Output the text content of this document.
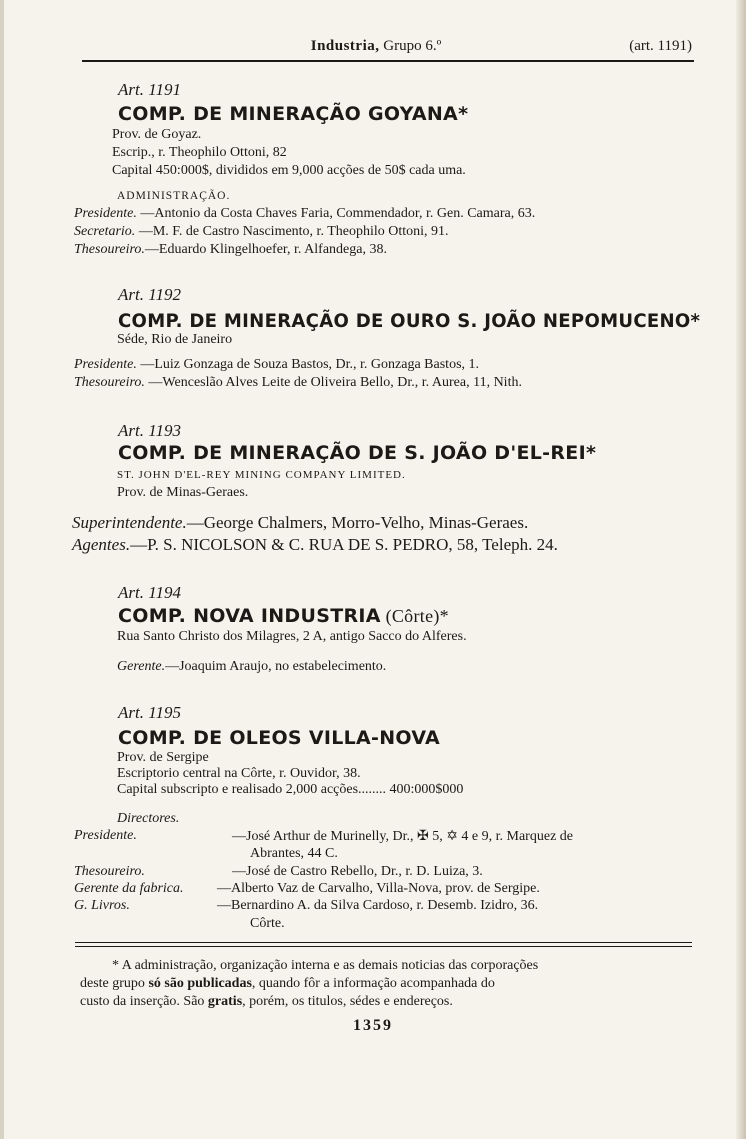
Industria, Grupo 6.º	(art. 1191)
Art. 1191
COMP. DE MINERAÇÃO GOYANA*
Prov. de Goyaz.
Escrip., r. Theophilo Ottoni, 82
Capital 450:000$, divididos em 9,000 acções de 50$ cada uma.
ADMINISTRAÇÃO.
Presidente. —Antonio da Costa Chaves Faria, Commendador, r. Gen. Camara, 63.
Secretario. —M. F. de Castro Nascimento, r. Theophilo Ottoni, 91.
Thesoureiro.—Eduardo Klingelhoefer, r. Alfandega, 38.
Art. 1192
COMP. DE MINERAÇÃO DE OURO S. JOÃO NEPOMUCENO*
Séde, Rio de Janeiro
Presidente. —Luiz Gonzaga de Souza Bastos, Dr., r. Gonzaga Bastos, 1.
Thesoureiro. —Wenceslão Alves Leite de Oliveira Bello, Dr., r. Aurea, 11, Nith.
Art. 1193
COMP. DE MINERAÇÃO DE S. JOÃO D'EL-REI*
ST. JOHN D'EL-REY MINING COMPANY LIMITED.
Prov. de Minas-Geraes.
Superintendente.—George Chalmers, Morro-Velho, Minas-Geraes.
Agentes.—P. S. NICOLSON & C. RUA DE S. PEDRO, 58, Teleph. 24.
Art. 1194
COMP. NOVA INDUSTRIA (Côrte)*
Rua Santo Christo dos Milagres, 2 A, antigo Sacco do Alferes.
Gerente.—Joaquim Araujo, no estabelecimento.
Art. 1195
COMP. DE OLEOS VILLA-NOVA
Prov. de Sergipe
Escriptorio central na Côrte, r. Ouvidor, 38.
Capital subscripto e realisado 2,000 acções........ 400:000$000
Directores.
Presidente.	—José Arthur de Murinelly, Dr., ✠ 5, ✡ 4 e 9, r. Marquez de
Abrantes, 44 C.
Thesoureiro.	—José de Castro Rebello, Dr., r. D. Luiza, 3.
Gerente da fabrica. —Alberto Vaz de Carvalho, Villa-Nova, prov. de Sergipe.
G. Livros.	—Bernardino A. da Silva Cardoso, r. Desemb. Izidro, 36.
Côrte.
* A administração, organização interna e as demais noticias das corporações
deste grupo só são publicadas, quando fôr a informação acompanhada do
custo da inserção. São gratis, porém, os titulos, sédes e endereços.
1359
